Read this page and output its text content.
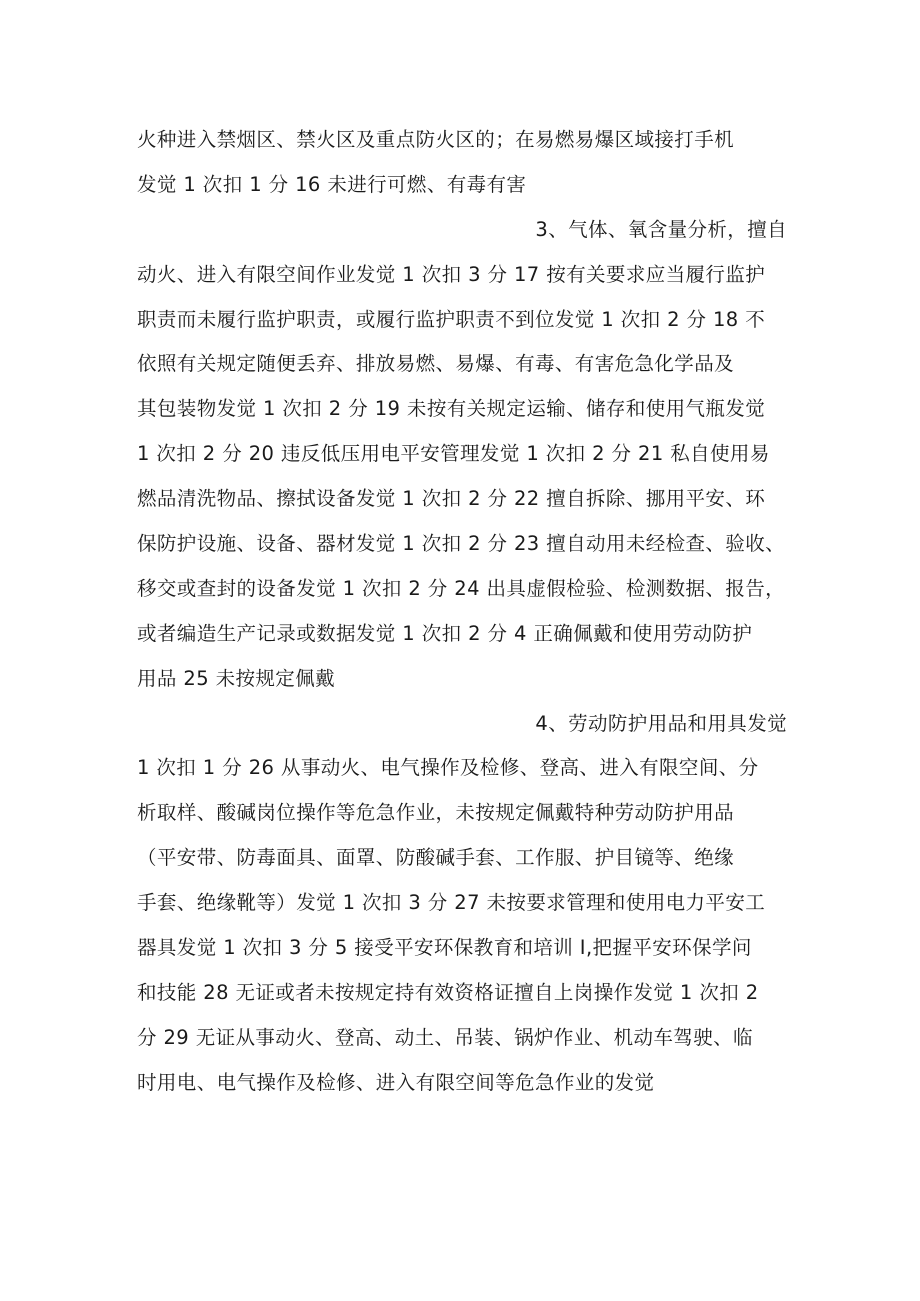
火种进入禁烟区、禁火区及重点防火区的；在易燃易爆区域接打手机
发觉 1 次扣 1 分 16 未进行可燃、有毒有害
3、气体、氧含量分析，擅自
动火、进入有限空间作业发觉 1 次扣 3 分 17 按有关要求应当履行监护
职责而未履行监护职责，或履行监护职责不到位发觉 1 次扣 2 分 18 不
依照有关规定随便丢弃、排放易燃、易爆、有毒、有害危急化学品及
其包装物发觉 1 次扣 2 分 19 未按有关规定运输、储存和使用气瓶发觉
1 次扣 2 分 20 违反低压用电平安管理发觉 1 次扣 2 分 21 私自使用易
燃品清洗物品、擦拭设备发觉 1 次扣 2 分 22 擅自拆除、挪用平安、环
保防护设施、设备、器材发觉 1 次扣 2 分 23 擅自动用未经检查、验收、
移交或查封的设备发觉 1 次扣 2 分 24 出具虚假检验、检测数据、报告，
或者编造生产记录或数据发觉 1 次扣 2 分 4 正确佩戴和使用劳动防护
用品 25 未按规定佩戴
4、劳动防护用品和用具发觉
1 次扣 1 分 26 从事动火、电气操作及检修、登高、进入有限空间、分
析取样、酸碱岗位操作等危急作业，未按规定佩戴特种劳动防护用品
（平安带、防毒面具、面罩、防酸碱手套、工作服、护目镜等、绝缘
手套、绝缘靴等）发觉 1 次扣 3 分 27 未按要求管理和使用电力平安工
器具发觉 1 次扣 3 分 5 接受平安环保教育和培训 I,把握平安环保学问
和技能 28 无证或者未按规定持有效资格证擅自上岗操作发觉 1 次扣 2
分 29 无证从事动火、登高、动土、吊装、锅炉作业、机动车驾驶、临
时用电、电气操作及检修、进入有限空间等危急作业的发觉
